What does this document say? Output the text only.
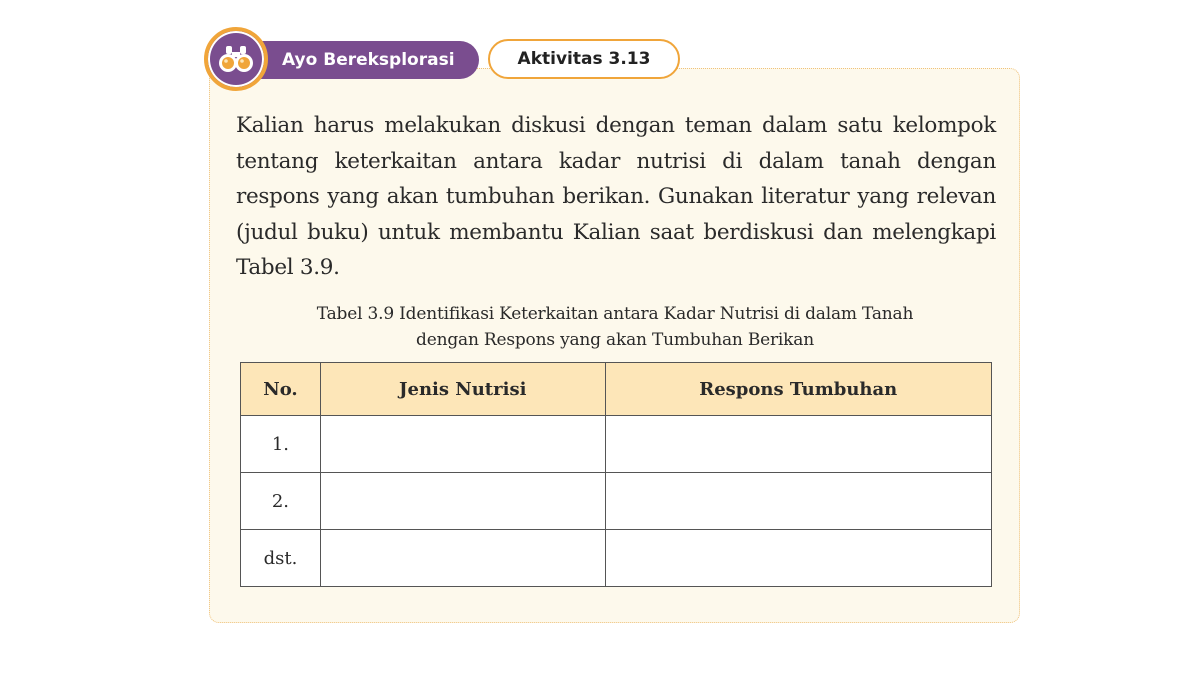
Ayo Bereksplorasi	Aktivitas 3.13

Kalian harus melakukan diskusi dengan teman dalam satu kelompok tentang keterkaitan antara kadar nutrisi di dalam tanah dengan respons yang akan tumbuhan berikan. Gunakan literatur yang relevan (judul buku) untuk membantu Kalian saat berdiskusi dan melengkapi Tabel 3.9.

Tabel 3.9 Identifikasi Keterkaitan antara Kadar Nutrisi di dalam Tanah
dengan Respons yang akan Tumbuhan Berikan
No.	Jenis Nutrisi	Respons Tumbuhan
1.		
2.		
dst.		
